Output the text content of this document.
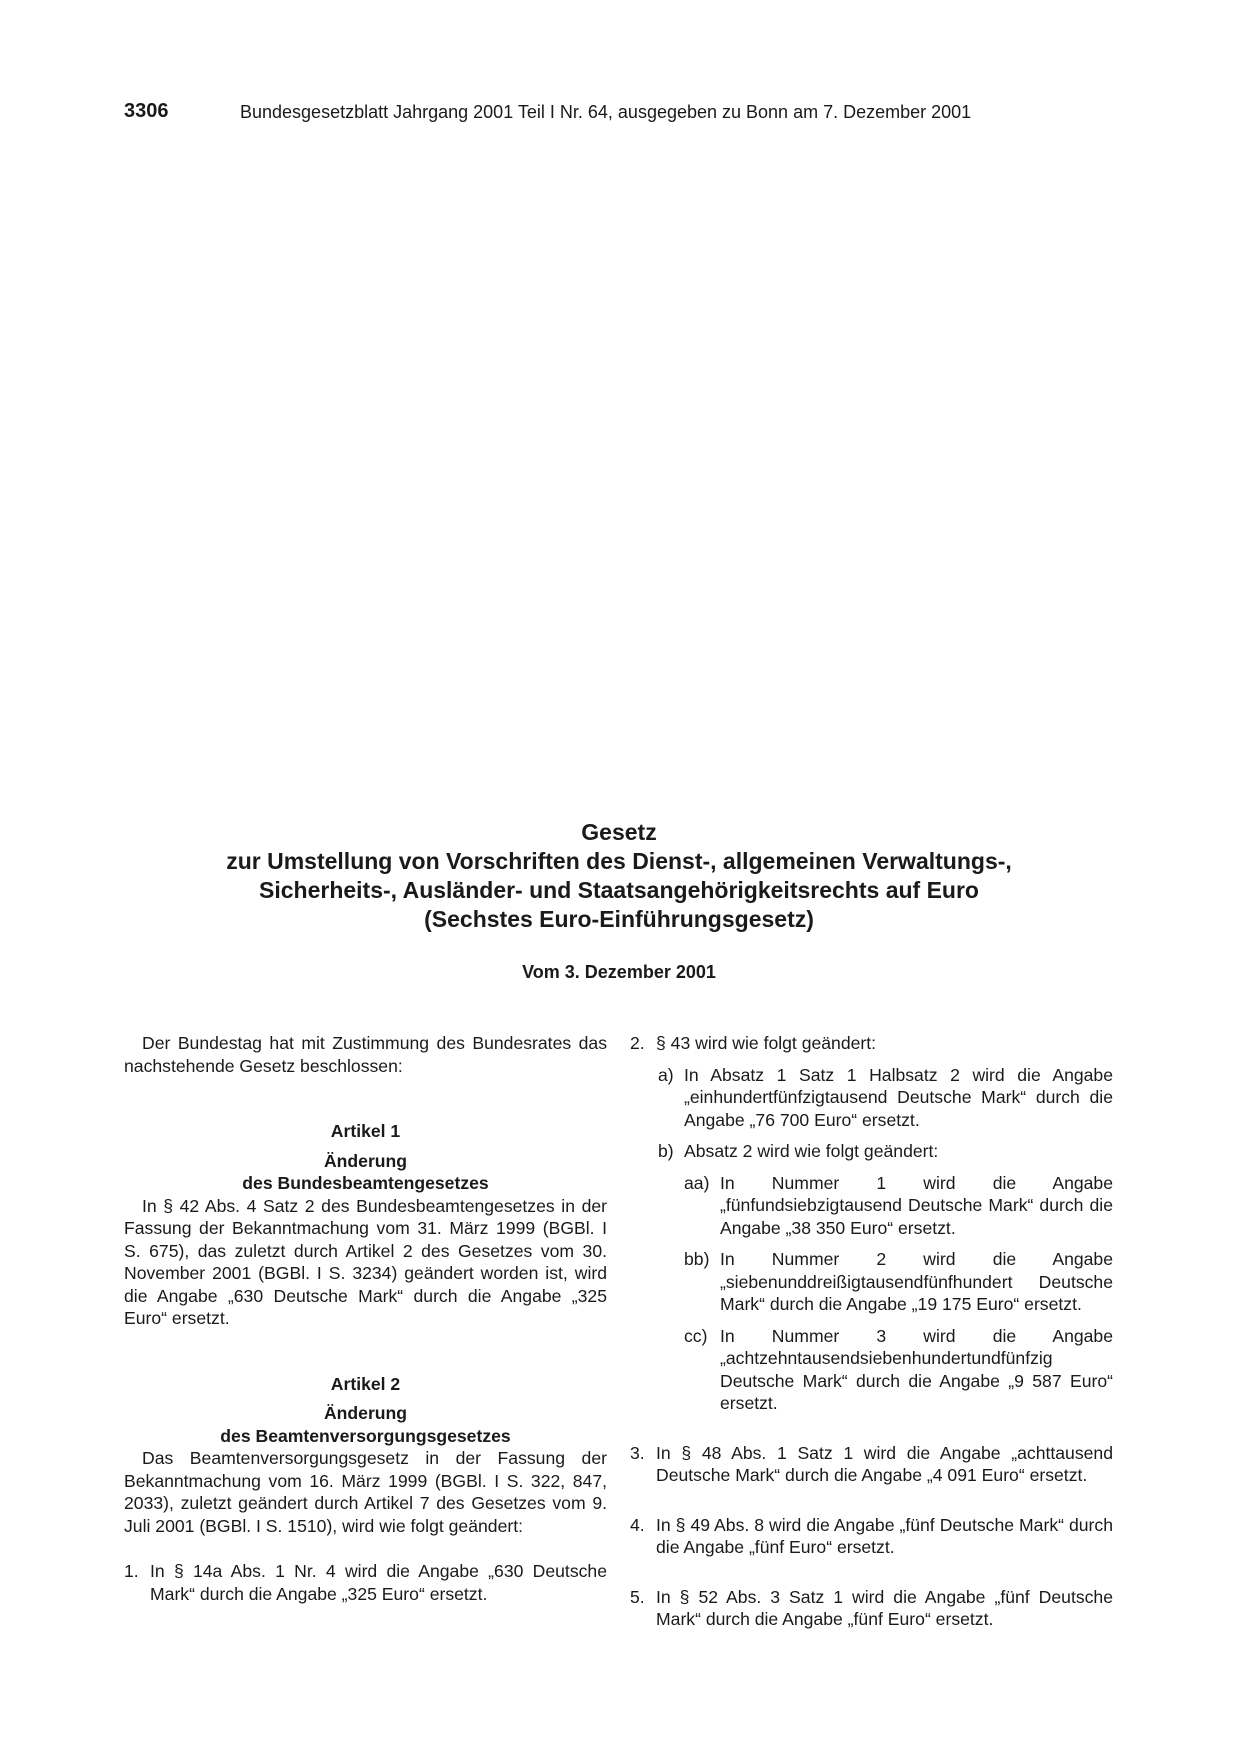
3306	Bundesgesetzblatt Jahrgang 2001 Teil I Nr. 64, ausgegeben zu Bonn am 7. Dezember 2001
Gesetz
zur Umstellung von Vorschriften des Dienst-, allgemeinen Verwaltungs-,
Sicherheits-, Ausländer- und Staatsangehörigkeitsrechts auf Euro
(Sechstes Euro-Einführungsgesetz)
Vom 3. Dezember 2001

Der Bundestag hat mit Zustimmung des Bundesrates das nachstehende Gesetz beschlossen:

Artikel 1

Änderung

des Bundesbeamtengesetzes

In § 42 Abs. 4 Satz 2 des Bundesbeamtengesetzes in der Fassung der Bekanntmachung vom 31. März 1999 (BGBl. I S. 675), das zuletzt durch Artikel 2 des Gesetzes vom 30. November 2001 (BGBl. I S. 3234) geändert worden ist, wird die Angabe „630 Deutsche Mark“ durch die Angabe „325 Euro“ ersetzt.

Artikel 2

Änderung

des Beamtenversorgungsgesetzes

Das Beamtenversorgungsgesetz in der Fassung der Bekanntmachung vom 16. März 1999 (BGBl. I S. 322, 847, 2033), zuletzt geändert durch Artikel 7 des Gesetzes vom 9. Juli 2001 (BGBl. I S. 1510), wird wie folgt geändert:

1. In § 14a Abs. 1 Nr. 4 wird die Angabe „630 Deutsche Mark“ durch die Angabe „325 Euro“ ersetzt.
2. § 43 wird wie folgt geändert:
a) In Absatz 1 Satz 1 Halbsatz 2 wird die Angabe „einhundertfünfzigtausend Deutsche Mark“ durch die Angabe „76 700 Euro“ ersetzt.
b) Absatz 2 wird wie folgt geändert:
aa) In Nummer 1 wird die Angabe „fünfundsiebzigtausend Deutsche Mark“ durch die Angabe „38 350 Euro“ ersetzt.
bb) In Nummer 2 wird die Angabe „siebenunddreißigtausendfünfhundert Deutsche Mark“ durch die Angabe „19 175 Euro“ ersetzt.
cc) In Nummer 3 wird die Angabe „achtzehntausendsiebenhundertundfünfzig Deutsche Mark“ durch die Angabe „9 587 Euro“ ersetzt.
3. In § 48 Abs. 1 Satz 1 wird die Angabe „achttausend Deutsche Mark“ durch die Angabe „4 091 Euro“ ersetzt.
4. In § 49 Abs. 8 wird die Angabe „fünf Deutsche Mark“ durch die Angabe „fünf Euro“ ersetzt.
5. In § 52 Abs. 3 Satz 1 wird die Angabe „fünf Deutsche Mark“ durch die Angabe „fünf Euro“ ersetzt.
